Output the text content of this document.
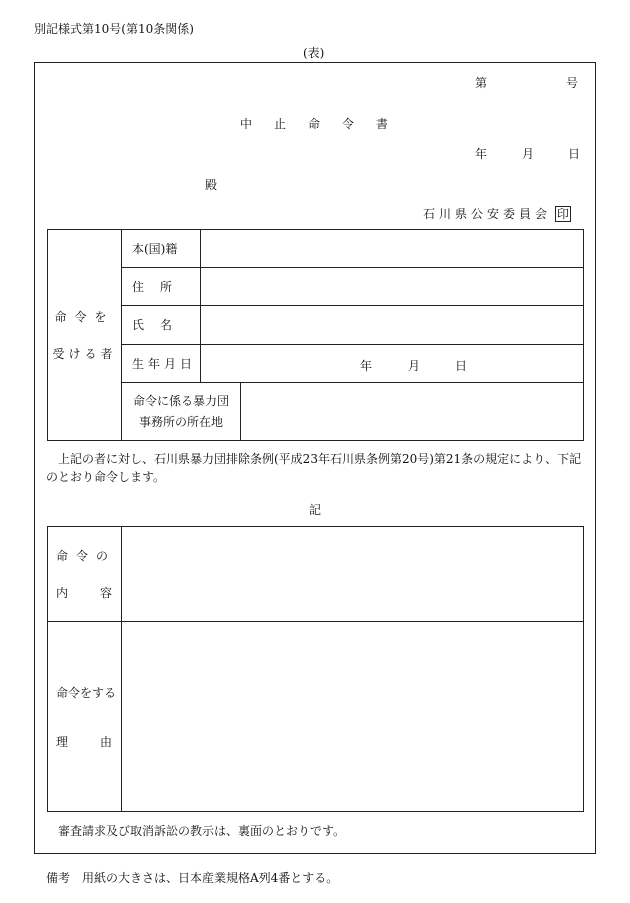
別記様式第10号(第10条関係)
(表)
第	号
中止命令書
年	月	日
殿
石川県公安委員会 印
命令を
受ける者	本(国)籍		

	住 所		

	氏 名		

	生年月日	年 月 日	

	命令に係る暴力団
事務所の所在地		

上記の者に対し、石川県暴力団排除条例(平成23年石川県条例第20号)第21条の規定により、下記のとおり命令します。
記
命令の
内 容	

命令をする
理 由	

審査請求及び取消訴訟の教示は、裏面のとおりです。
備考　用紙の大きさは、日本産業規格A列4番とする。
